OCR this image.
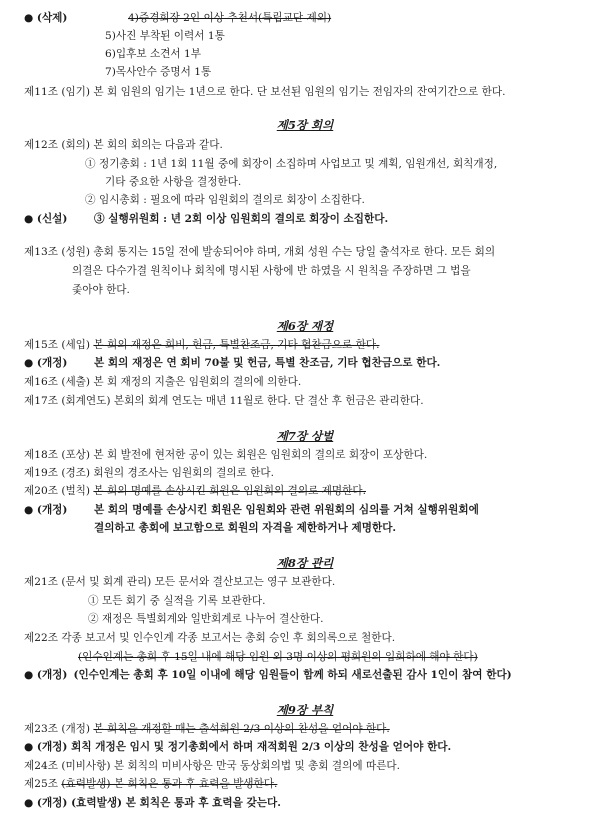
● (삭제)	4)증경회장 2인 이상 추천서(특립교단 제외)
5)사진 부착된 이력서 1통
6)입후보 소견서 1부
7)목사안수 증명서 1통
제11조 (임기) 본 회 임원의 임기는 1년으로 한다. 단 보선된 임원의 임기는 전임자의 잔여기간으로 한다.
제5장 회의
제12조 (회의) 본 회의 회의는 다음과 같다.
① 정기총회 : 1년 1회 11월 중에 회장이 소집하며 사업보고 및 계획, 임원개선, 회칙개정,
기타 중요한 사항을 결정한다.
② 임시총회 : 필요에 따라 임원회의 결의로 회장이 소집한다.
● (신설)	③ 실행위원회 : 년 2회 이상 임원회의 결의로 회장이 소집한다.
제13조 (성원) 총회 통지는 15일 전에 발송되어야 하며, 개회 성원 수는 당일 출석자로 한다. 모든 회의
의결은 다수가결 원칙이나 회칙에 명시된 사항에 반 하였을 시 원칙을 주장하면 그 법을
좇아야 한다.
제6장 재정
제15조 (세입) 본 회의 재정은 회비, 헌금, 특별찬조금, 기타 협찬금으로 한다.
● (개정)	본 회의 재정은 연 회비 70불 및 헌금, 특별 찬조금, 기타 협찬금으로 한다.
제16조 (세출) 본 회 재정의 지출은 임원회의 결의에 의한다.
제17조 (회계연도) 본회의 회계 연도는 매년 11월로 한다. 단 결산 후 헌금은 관리한다.
제7장 상벌
제18조 (포상) 본 회 발전에 현저한 공이 있는 회원은 임원회의 결의로 회장이 포상한다.
제19조 (경조) 회원의 경조사는 임원회의 결의로 한다.
제20조 (벌칙) 본 회의 명예를 손상시킨 회원은 임원회의 결의로 제명한다.
● (개정)	본 회의 명예를 손상시킨 회원은 임원회와 관련 위원회의 심의를 거쳐 실행위원회에
결의하고 총회에 보고함으로 회원의 자격을 제한하거나 제명한다.
제8장 관리
제21조 (문서 및 회계 관리) 모든 문서와 결산보고는 영구 보관한다.
① 모든 회기 중 실적을 기록 보관한다.
② 재정은 특별회계와 일반회계로 나누어 결산한다.
제22조 각종 보고서 및 인수인계 각종 보고서는 총회 승인 후 회의록으로 철한다.
(인수인계는 총회 후 15일 내에 해당 임원 외 3명 이상의 평회원의 입회하에 해야 한다)
● (개정) (인수인계는 총회 후 10일 이내에 해당 임원들이 함께 하되 새로선출된 감사 1인이 참여 한다)
제9장 부칙
제23조 (개정) 본 회칙을 개정할 때는 출석회원 2/3 이상의 찬성을 얻어야 한다.
● (개정) 회칙 개정은 임시 및 정기총회에서 하며 재적회원 2/3 이상의 찬성을 얻어야 한다.
제24조 (미비사항) 본 회칙의 미비사항은 만국 동상회의법 및 총회 결의에 따른다.
제25조 (효력발생) 본 회칙은 통과 후 효력을 발생한다.
● (개정) (효력발생) 본 회칙은 통과 후 효력을 갖는다.
